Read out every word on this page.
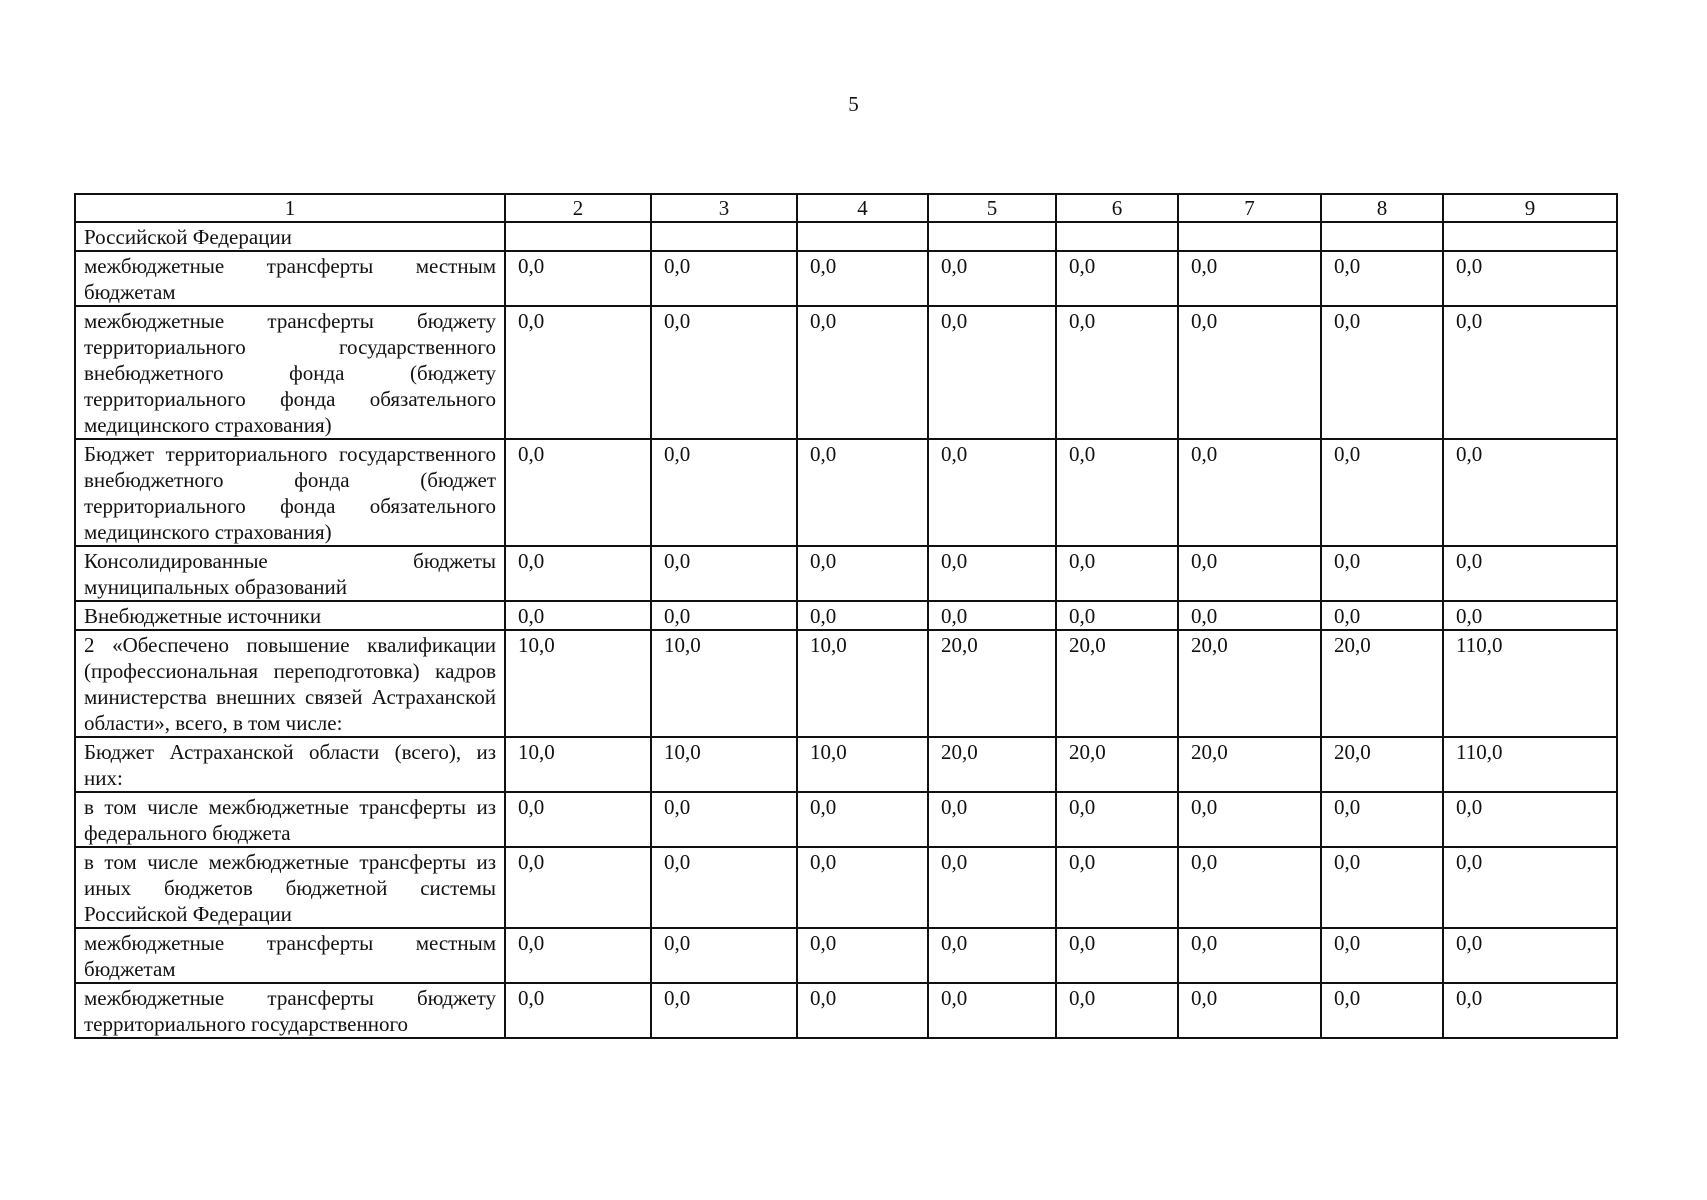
5
1	2	3	4	5	6	7	8	9
Российской Федерации								
межбюджетные трансферты местным бюджетам	0,0	0,0	0,0	0,0	0,0	0,0	0,0	0,0
межбюджетные трансферты бюджету территориального государственного внебюджетного фонда (бюджету территориального фонда обязательного медицинского страхования)	0,0	0,0	0,0	0,0	0,0	0,0	0,0	0,0
Бюджет территориального государственного внебюджетного фонда (бюджет территориального фонда обязательного медицинского страхования)	0,0	0,0	0,0	0,0	0,0	0,0	0,0	0,0
Консолидированные бюджеты муниципальных образований	0,0	0,0	0,0	0,0	0,0	0,0	0,0	0,0
Внебюджетные источники	0,0	0,0	0,0	0,0	0,0	0,0	0,0	0,0
2 «Обеспечено повышение квалификации (профессиональная переподготовка) кадров министерства внешних связей Астраханской области», всего, в том числе:	10,0	10,0	10,0	20,0	20,0	20,0	20,0	110,0
Бюджет Астраханской области (всего), из них:	10,0	10,0	10,0	20,0	20,0	20,0	20,0	110,0
в том числе межбюджетные трансферты из федерального бюджета	0,0	0,0	0,0	0,0	0,0	0,0	0,0	0,0
в том числе межбюджетные трансферты из иных бюджетов бюджетной системы Российской Федерации	0,0	0,0	0,0	0,0	0,0	0,0	0,0	0,0
межбюджетные трансферты местным бюджетам	0,0	0,0	0,0	0,0	0,0	0,0	0,0	0,0
межбюджетные трансферты бюджету территориального государственного	0,0	0,0	0,0	0,0	0,0	0,0	0,0	0,0
